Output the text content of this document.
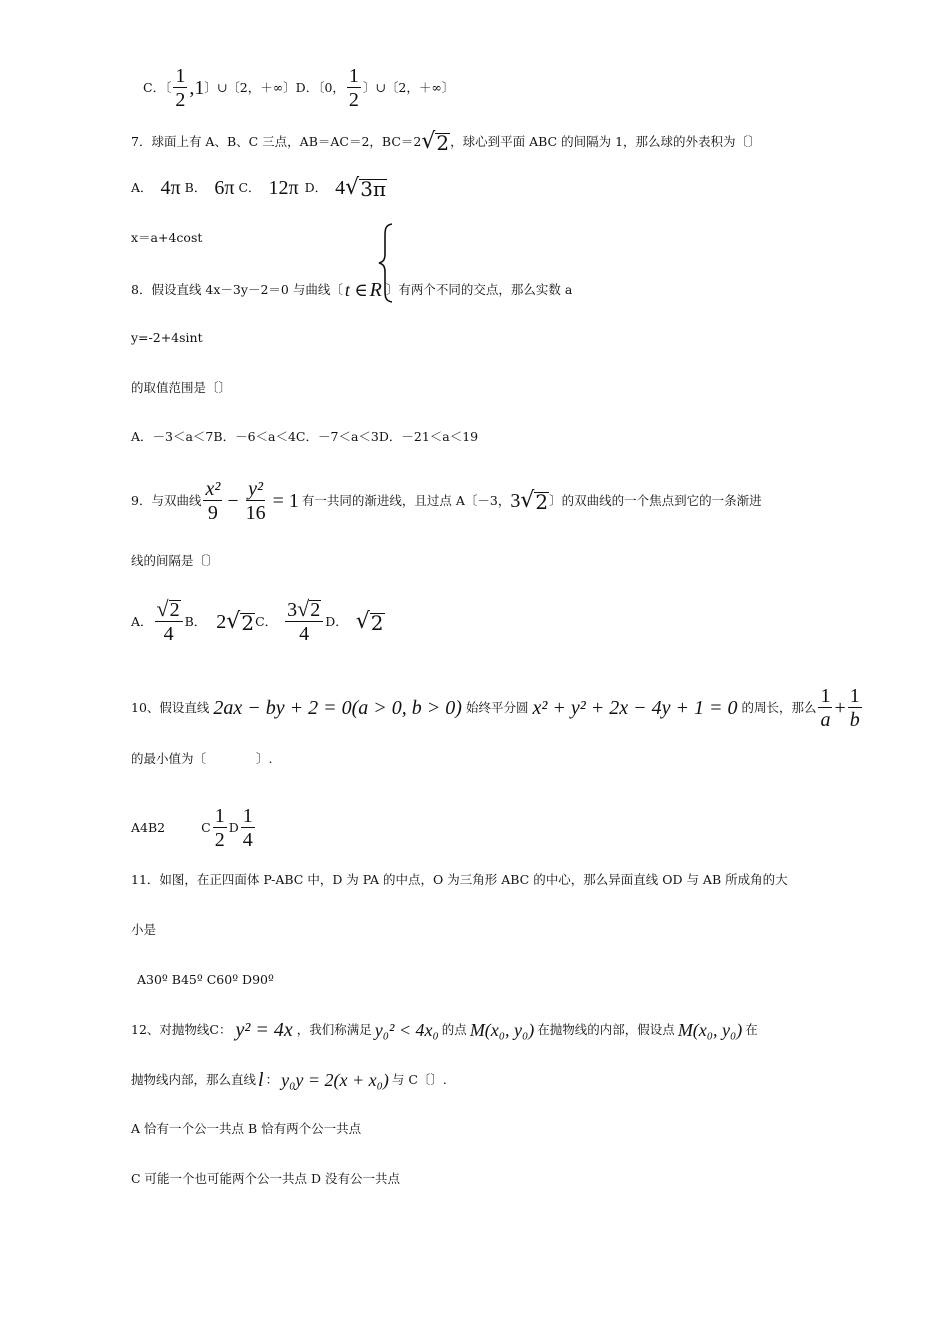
C．〔 $\frac{1}{2} ,1$ 〕∪〔2，＋∞〕D．〔0， $\frac{1}{2}$ 〕∪〔2，＋∞〕
7．球面上有 A、B、C 三点，AB＝AC＝2，BC＝2 √ 2 ，球心到平面 ABC 的间隔为 1，那么球的外表积为〔〕
A． 4π B． 6π C． 12π D． 4 √ 3π
x＝a+4cost
8．假设直线 4x－3y－2＝0 与曲线〔 t ∈ R 〕有两个不同的交点，那么实数 a
y=-2+4sint
的取值范围是〔〕
A．－3＜a＜7B．－6＜a＜4C．－7＜a＜3D．－21＜a＜19
9．与双曲线 $\frac{\text{x²}}{9} - \frac{\text{y²}}{16} = 1$ 有一共同的渐进线，且过点 A〔－3， 3 √ 2 〕的双曲线的一个焦点到它的一条渐进
线的间隔是〔〕
A． $\frac{√ 2}{4}$ B． 2 √ 2 C． $\frac{3 √ 2}{4}$ D． √ 2
10、假设直线 2ax − by + 2 = 0(a > 0, b > 0) 始终平分圆 x² + y² + 2x − 4y + 1 = 0 的周长，那么 $\frac{1}{a} + \frac{1}{b}$
的最小值为〔　　　　〕.
A4B2	C $\frac{1}{2}$ D $\frac{1}{4}$
11．如图，在正四面体 P-ABC 中，D 为 PA 的中点，O 为三角形 ABC 的中心，那么异面直线 OD 与 AB 所成角的大
小是
A30º B45º C60º D90º
12、对抛物线C： y² = 4x ，我们称满足 y₀² < 4x₀ 的点 M(x₀, y₀) 在抛物线的内部，假设点 M(x₀, y₀) 在
抛物线内部，那么直线 l ： y₀y = 2(x + x₀) 与 C〔〕.
A 恰有一个公一共点 B 恰有两个公一共点
C 可能一个也可能两个公一共点 D 没有公一共点
